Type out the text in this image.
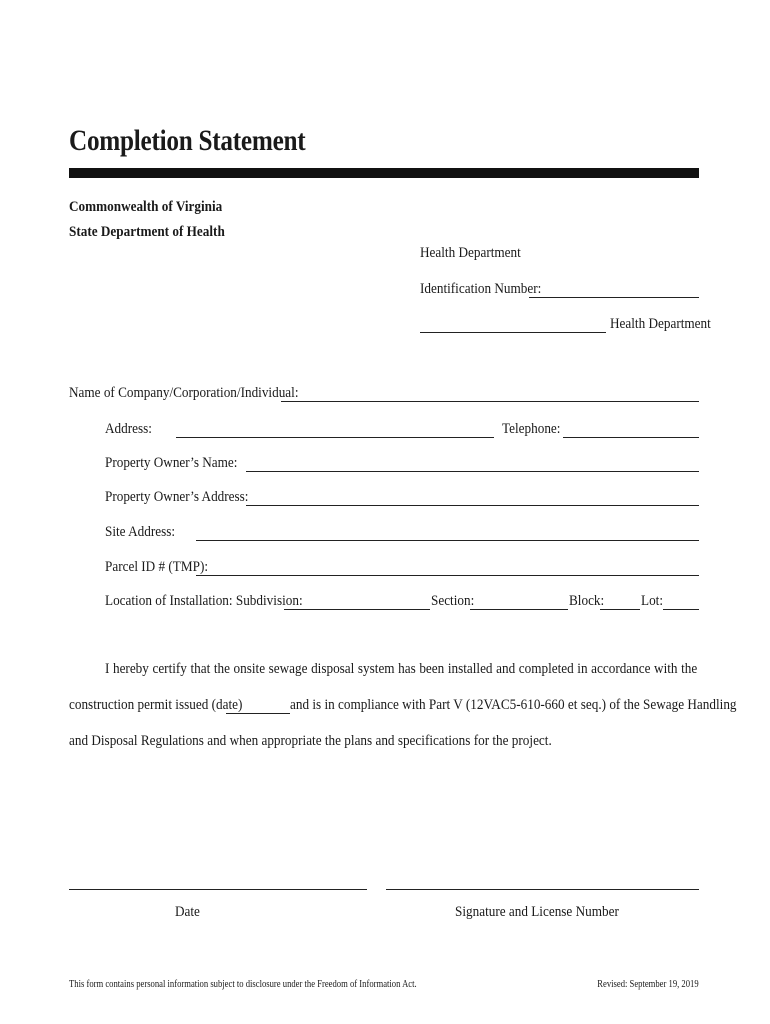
Completion Statement
Commonwealth of Virginia
State Department of Health
Health Department
Identification Number:
Health Department
Name of Company/Corporation/Individual:
Address:	Telephone:
Property Owner’s Name:
Property Owner’s Address:
Site Address:
Parcel ID # (TMP):
Location of Installation: Subdivision:	Section:	Block: Lot:
I hereby certify that the onsite sewage disposal system has been installed and completed in accordance with the
construction permit issued (date)	and is in compliance with Part V (12VAC5-610-660 et seq.) of the Sewage Handling
and Disposal Regulations and when appropriate the plans and specifications for the project.
Date	Signature and License Number
This form contains personal information subject to disclosure under the Freedom of Information Act.	Revised: September 19, 2019
